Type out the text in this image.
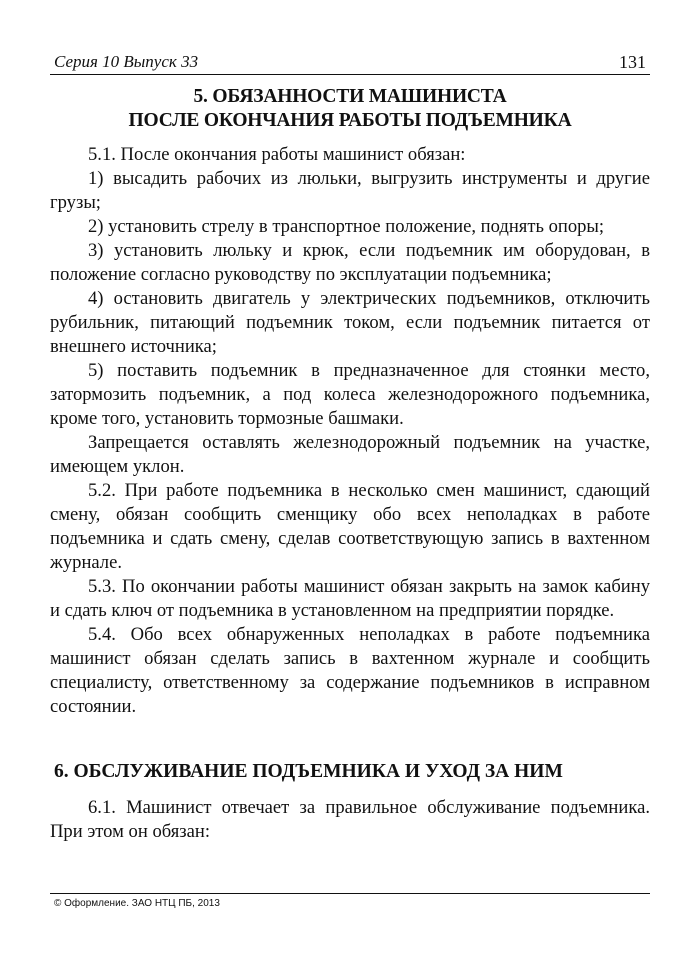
Серия 10 Выпуск 33	131
5. ОБЯЗАННОСТИ МАШИНИСТА
ПОСЛЕ ОКОНЧАНИЯ РАБОТЫ ПОДЪЕМНИКА

5.1. После окончания работы машинист обязан:

1) высадить рабочих из люльки, выгрузить инструменты и другие грузы;

2) установить стрелу в транспортное положение, поднять опоры;

3) установить люльку и крюк, если подъемник им оборудован, в положение согласно руководству по эксплуатации подъемника;

4) остановить двигатель у электрических подъемников, отключить рубильник, питающий подъемник током, если подъемник питается от внешнего источника;

5) поставить подъемник в предназначенное для стоянки место, затормозить подъемник, а под колеса железнодорожного подъемника, кроме того, установить тормозные башмаки.

Запрещается оставлять железнодорожный подъемник на участке, имеющем уклон.

5.2. При работе подъемника в несколько смен машинист, сдающий смену, обязан сообщить сменщику обо всех неполадках в работе подъемника и сдать смену, сделав соответствующую запись в вахтенном журнале.

5.3. По окончании работы машинист обязан закрыть на замок кабину и сдать ключ от подъемника в установленном на предприятии порядке.

5.4. Обо всех обнаруженных неполадках в работе подъемника машинист обязан сделать запись в вахтенном журнале и сообщить специалисту, ответственному за содержание подъемников в исправном состоянии.

6. ОБСЛУЖИВАНИЕ ПОДЪЕМНИКА И УХОД ЗА НИМ

6.1. Машинист отвечает за правильное обслуживание подъемника. При этом он обязан:

© Оформление. ЗАО НТЦ ПБ, 2013
